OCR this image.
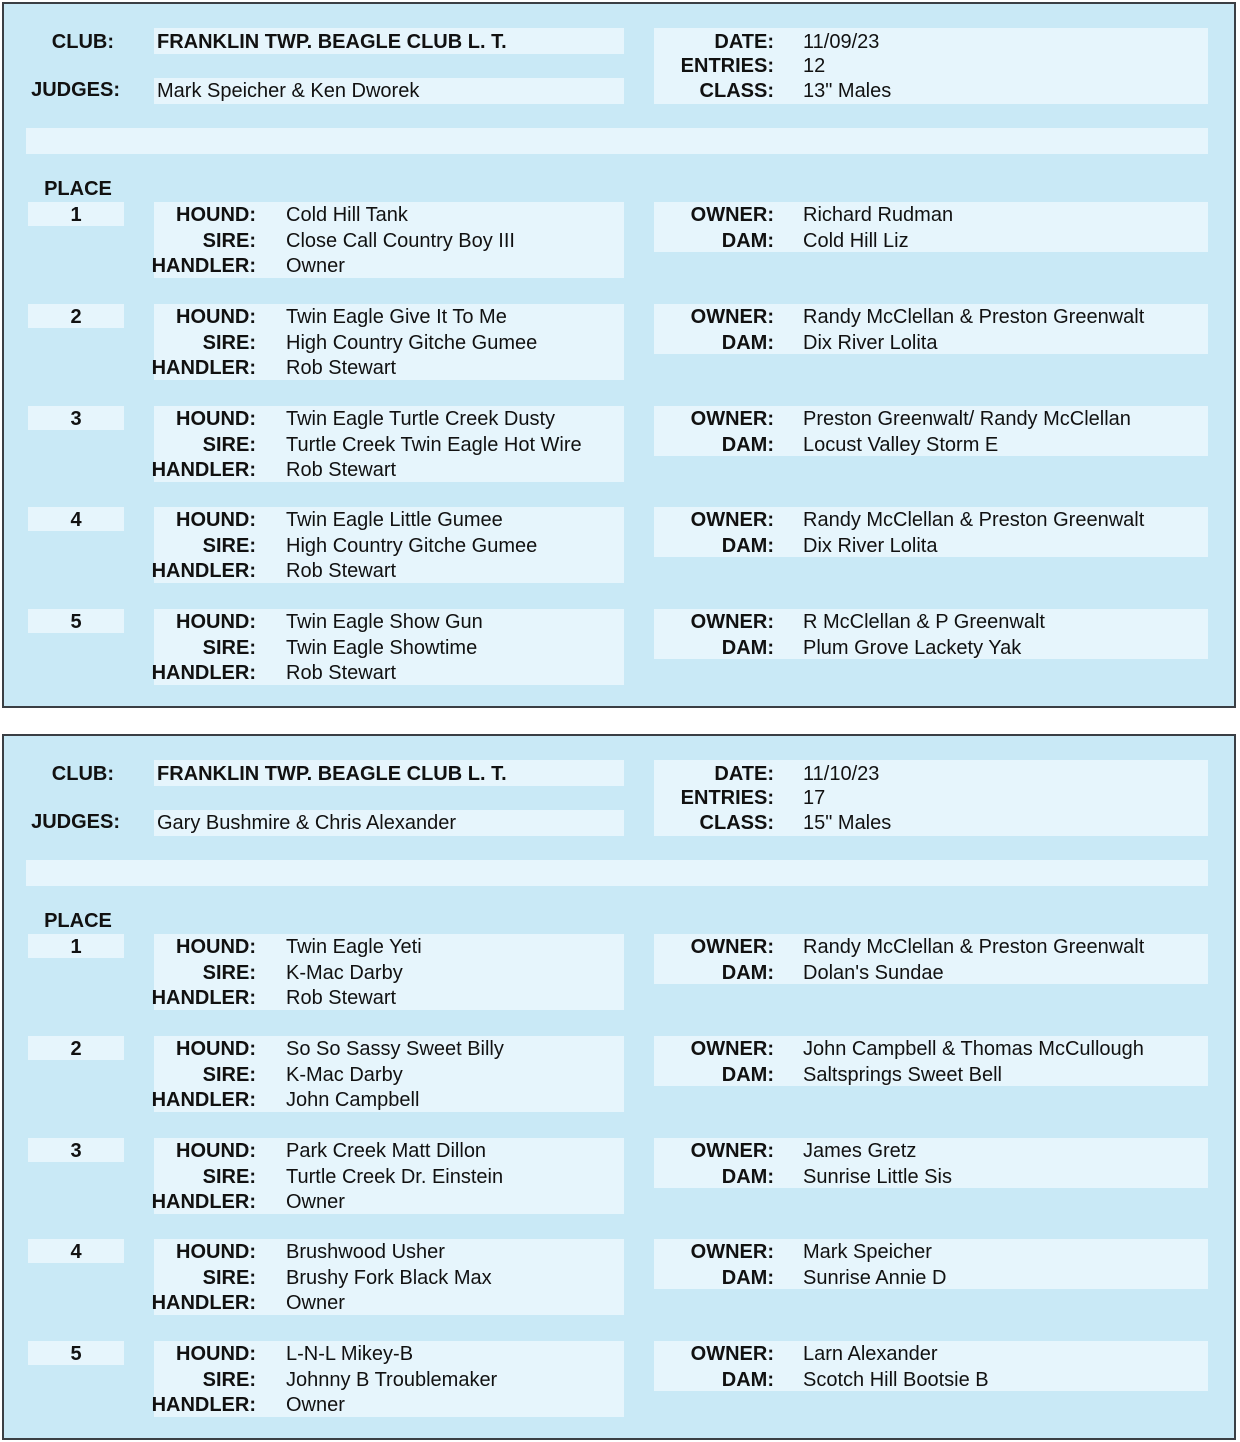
CLUB: FRANKLIN TWP. BEAGLE CLUB L. T.
JUDGES: Mark Speicher & Ken Dworek
DATE: 11/09/23
ENTRIES: 12
CLASS: 13" Males
PLACE
1	HOUND: Cold Hill Tank
SIRE: Close Call Country Boy III
HANDLER: Owner
OWNER: Richard Rudman
DAM: Cold Hill Liz
2	HOUND: Twin Eagle Give It To Me
SIRE: High Country Gitche Gumee
HANDLER: Rob Stewart
OWNER: Randy McClellan & Preston Greenwalt
DAM: Dix River Lolita
3	HOUND: Twin Eagle Turtle Creek Dusty
SIRE: Turtle Creek Twin Eagle Hot Wire
HANDLER: Rob Stewart
OWNER: Preston Greenwalt/ Randy McClellan
DAM: Locust Valley Storm E
4	HOUND: Twin Eagle Little Gumee
SIRE: High Country Gitche Gumee
HANDLER: Rob Stewart
OWNER: Randy McClellan & Preston Greenwalt
DAM: Dix River Lolita
5	HOUND: Twin Eagle Show Gun
SIRE: Twin Eagle Showtime
HANDLER: Rob Stewart
OWNER: R McClellan & P Greenwalt
DAM: Plum Grove Lackety Yak
CLUB: FRANKLIN TWP. BEAGLE CLUB L. T.
JUDGES: Gary Bushmire & Chris Alexander
DATE: 11/10/23
ENTRIES: 17
CLASS: 15" Males
PLACE
1	HOUND: Twin Eagle Yeti
SIRE: K-Mac Darby
HANDLER: Rob Stewart
OWNER: Randy McClellan & Preston Greenwalt
DAM: Dolan's Sundae
2	HOUND: So So Sassy Sweet Billy
SIRE: K-Mac Darby
HANDLER: John Campbell
OWNER: John Campbell & Thomas McCullough
DAM: Saltsprings Sweet Bell
3	HOUND: Park Creek Matt Dillon
SIRE: Turtle Creek Dr. Einstein
HANDLER: Owner
OWNER: James Gretz
DAM: Sunrise Little Sis
4	HOUND: Brushwood Usher
SIRE: Brushy Fork Black Max
HANDLER: Owner
OWNER: Mark Speicher
DAM: Sunrise Annie D
5	HOUND: L-N-L Mikey-B
SIRE: Johnny B Troublemaker
HANDLER: Owner
OWNER: Larn Alexander
DAM: Scotch Hill Bootsie B
